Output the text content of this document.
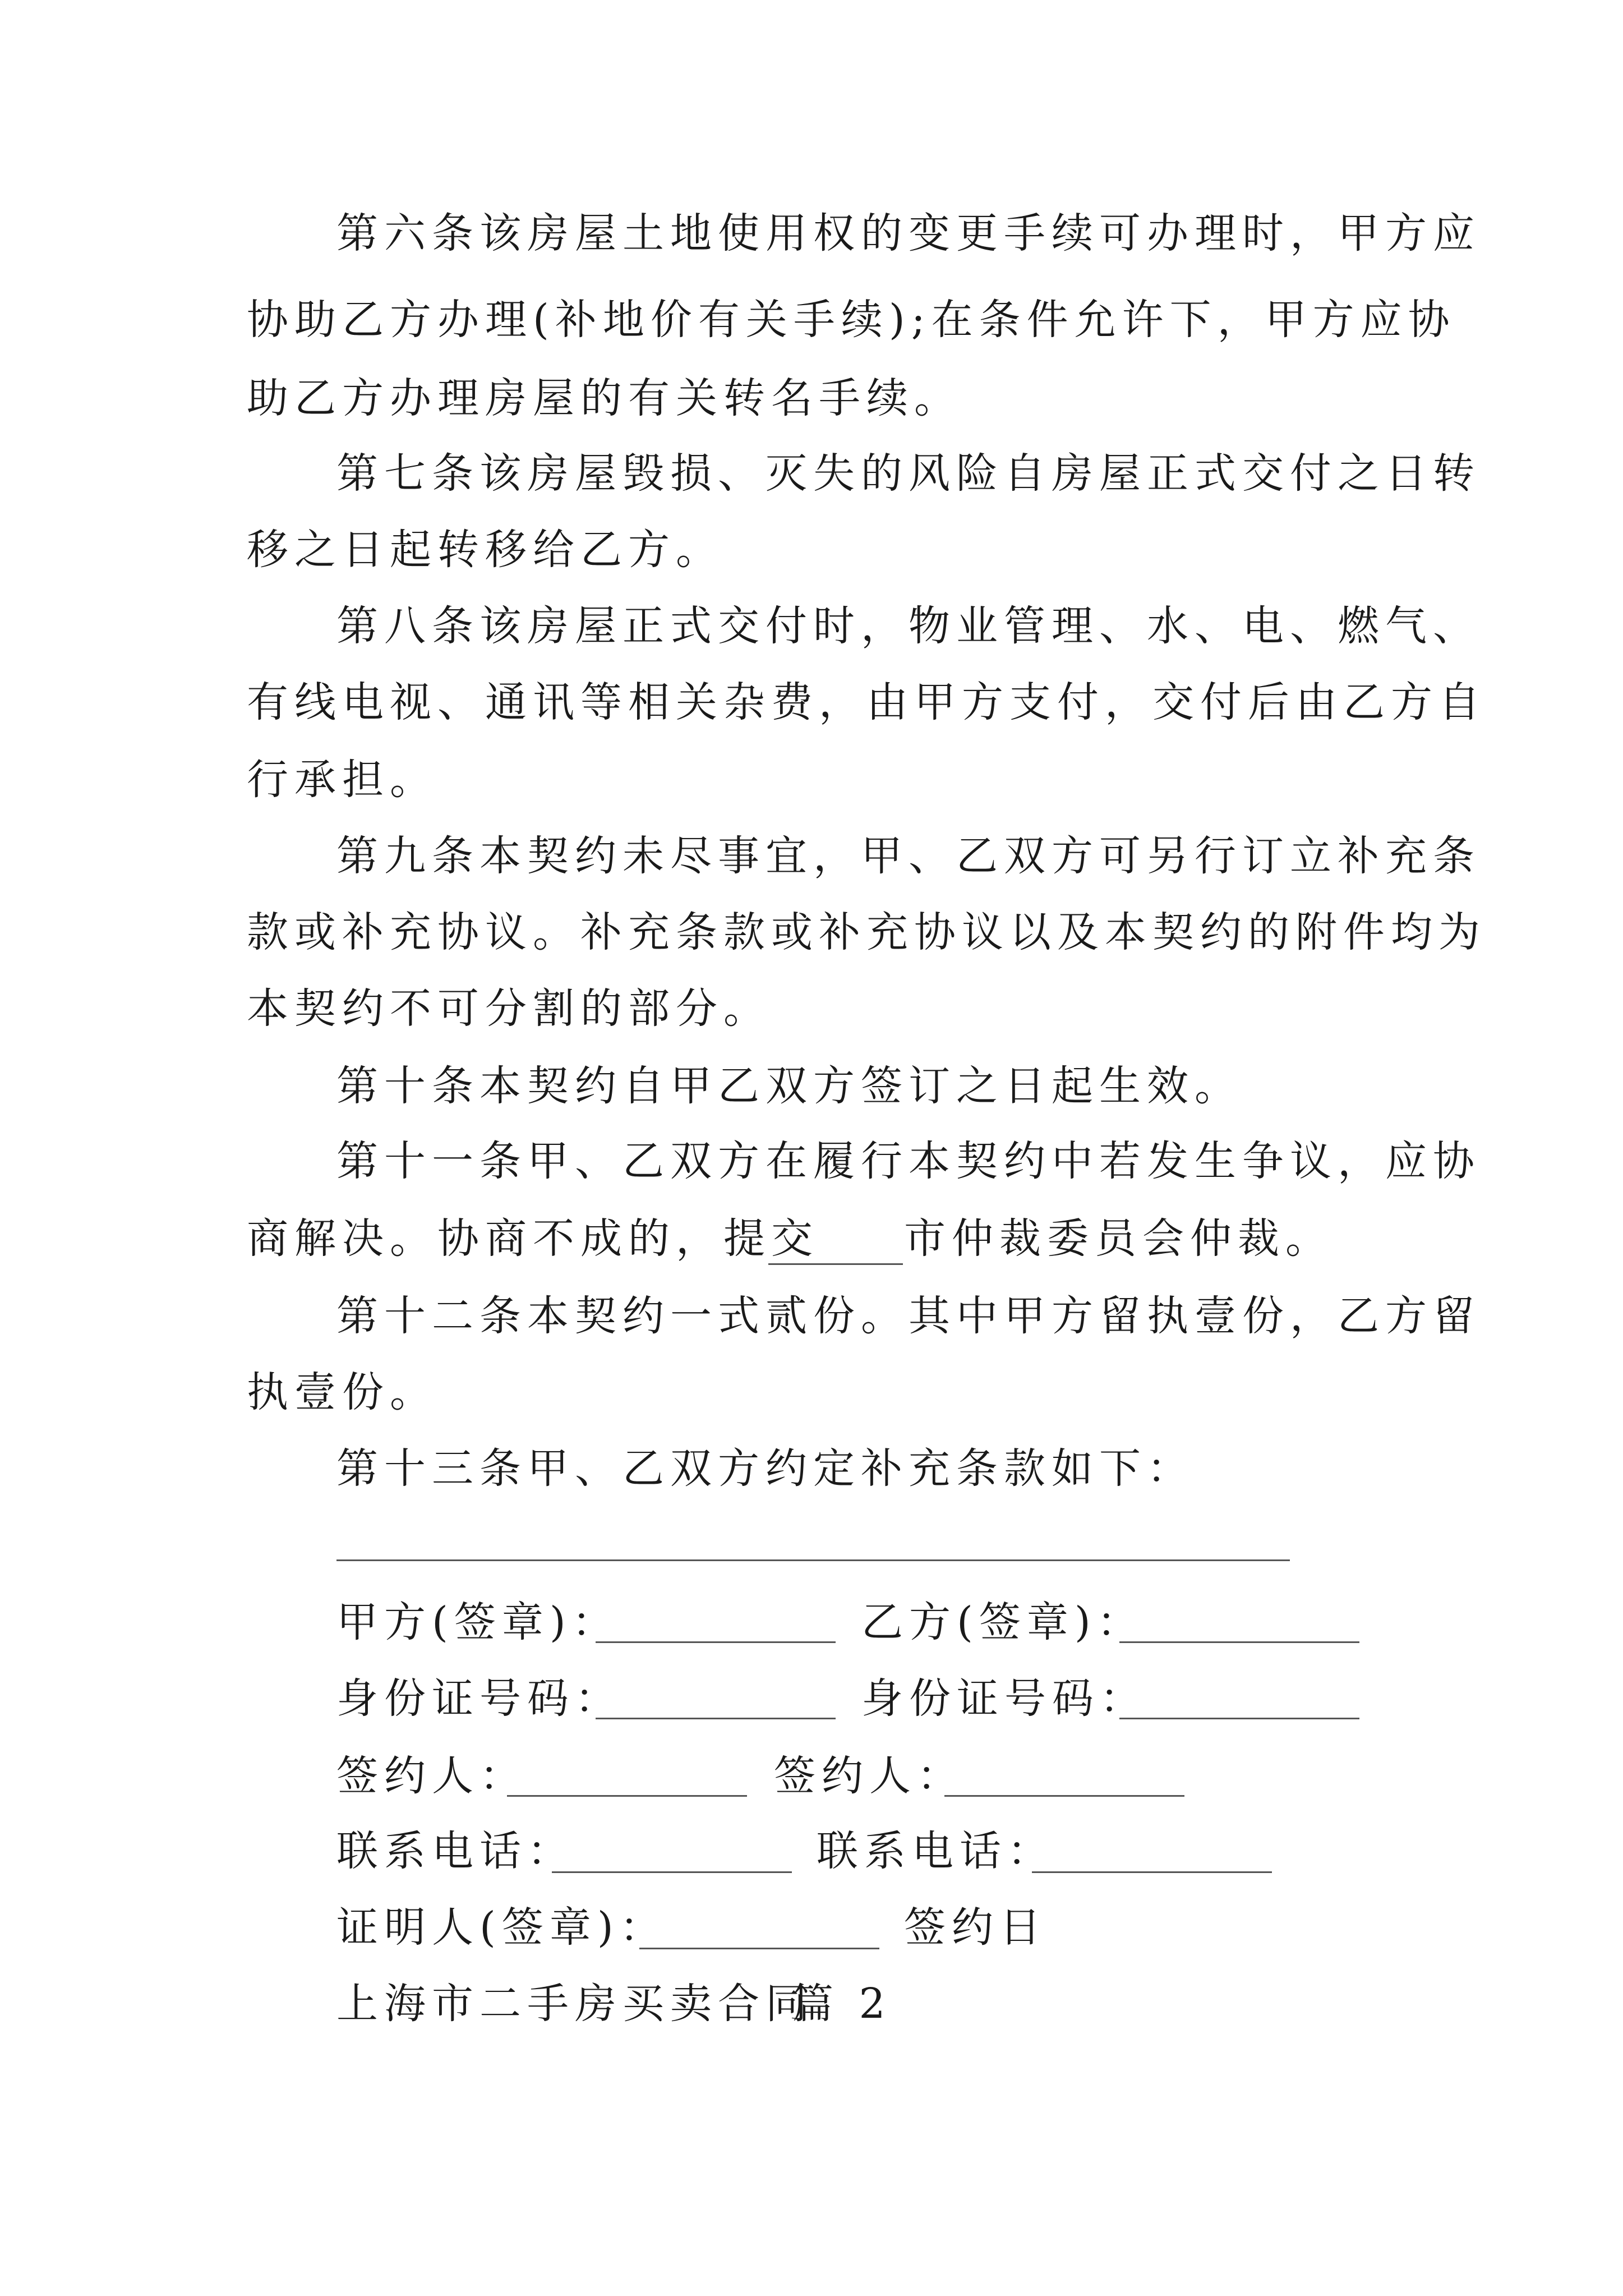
第六条该房屋土地使用权的变更手续可办理时，甲方应
协助乙方办理(补地价有关手续);在条件允许下，甲方应协
助乙方办理房屋的有关转名手续。
第七条该房屋毁损、灭失的风险自房屋正式交付之日转
移之日起转移给乙方。
第八条该房屋正式交付时，物业管理、水、电、燃气、
有线电视、通讯等相关杂费，由甲方支付，交付后由乙方自
行承担。
第九条本契约未尽事宜，甲、乙双方可另行订立补充条
款或补充协议。补充条款或补充协议以及本契约的附件均为
本契约不可分割的部分。
第十条本契约自甲乙双方签订之日起生效。
第十一条甲、乙双方在履行本契约中若发生争议，应协
商解决。协商不成的，提交 市仲裁委员会仲裁。
第十二条本契约一式贰份。其中甲方留执壹份，乙方留
执壹份。
第十三条甲、乙双方约定补充条款如下：
甲方(签章)：	乙方(签章)：
身份证号码：	身份证号码：
签约人：	签约人：
联系电话：	联系电话：
证明人(签章)：	签约日
上海市二手房买卖合同
篇 2
